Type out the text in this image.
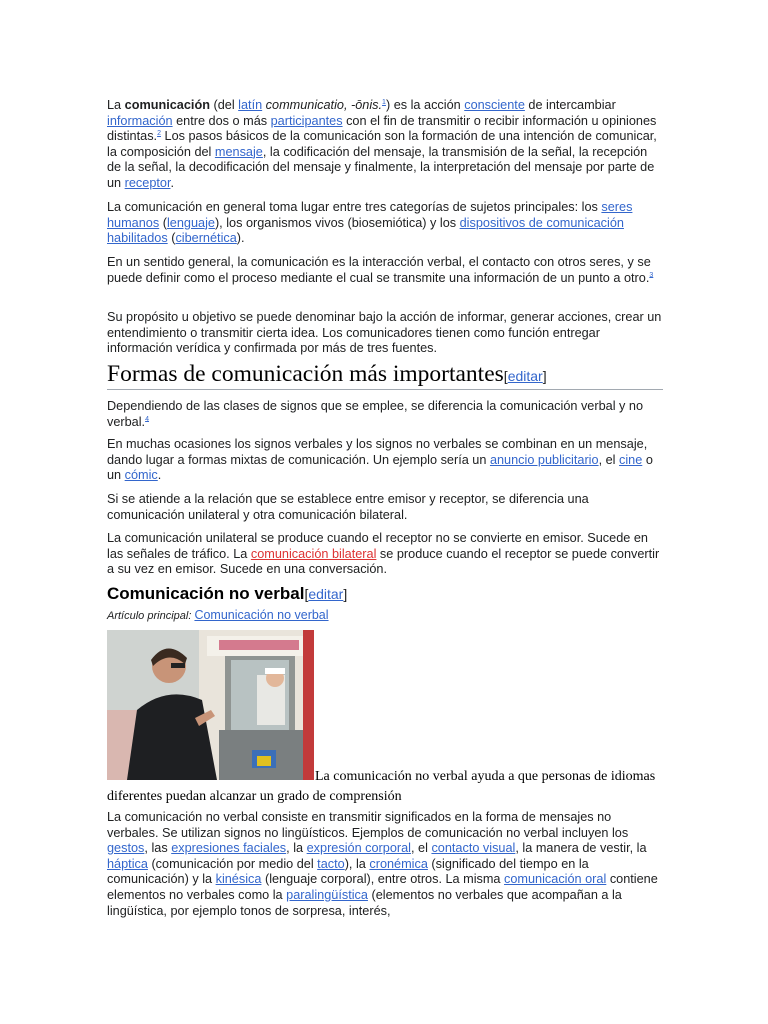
La comunicación (del latín communicatio, -ōnis.$^1$) es la acción consciente de intercambiar información entre dos o más participantes con el fin de transmitir o recibir información u opiniones distintas.$^2$ Los pasos básicos de la comunicación son la formación de una intención de comunicar, la composición del mensaje, la codificación del mensaje, la transmisión de la señal, la recepción de la señal, la decodificación del mensaje y finalmente, la interpretación del mensaje por parte de un receptor.

La comunicación en general toma lugar entre tres categorías de sujetos principales: los seres humanos (lenguaje), los organismos vivos (biosemiótica) y los dispositivos de comunicación habilitados (cibernética).

En un sentido general, la comunicación es la interacción verbal, el contacto con otros seres, y se puede definir como el proceso mediante el cual se transmite una información de un punto a otro.$^3$

Su propósito u objetivo se puede denominar bajo la acción de informar, generar acciones, crear un entendimiento o transmitir cierta idea. Los comunicadores tienen como función entregar información verídica y confirmada por más de tres fuentes.

Formas de comunicación más importantes[editar]

Dependiendo de las clases de signos que se emplee, se diferencia la comunicación verbal y no verbal.$^4$

En muchas ocasiones los signos verbales y los signos no verbales se combinan en un mensaje, dando lugar a formas mixtas de comunicación. Un ejemplo sería un anuncio publicitario, el cine o un cómic.

Si se atiende a la relación que se establece entre emisor y receptor, se diferencia una comunicación unilateral y otra comunicación bilateral.

La comunicación unilateral se produce cuando el receptor no se convierte en emisor. Sucede en las señales de tráfico. La comunicación bilateral se produce cuando el receptor se puede convertir a su vez en emisor. Sucede en una conversación.

Comunicación no verbal[editar]
Artículo principal: Comunicación no verbal
La comunicación no verbal ayuda a que personas de idiomas diferentes puedan alcanzar un grado de comprensión

La comunicación no verbal consiste en transmitir significados en la forma de mensajes no verbales. Se utilizan signos no lingüísticos. Ejemplos de comunicación no verbal incluyen los gestos, las expresiones faciales, la expresión corporal, el contacto visual, la manera de vestir, la háptica (comunicación por medio del tacto), la cronémica (significado del tiempo en la comunicación) y la kinésica (lenguaje corporal), entre otros. La misma comunicación oral contiene elementos no verbales como la paralingüística (elementos no verbales que acompañan a la lingüística, por ejemplo tonos de sorpresa, interés,
